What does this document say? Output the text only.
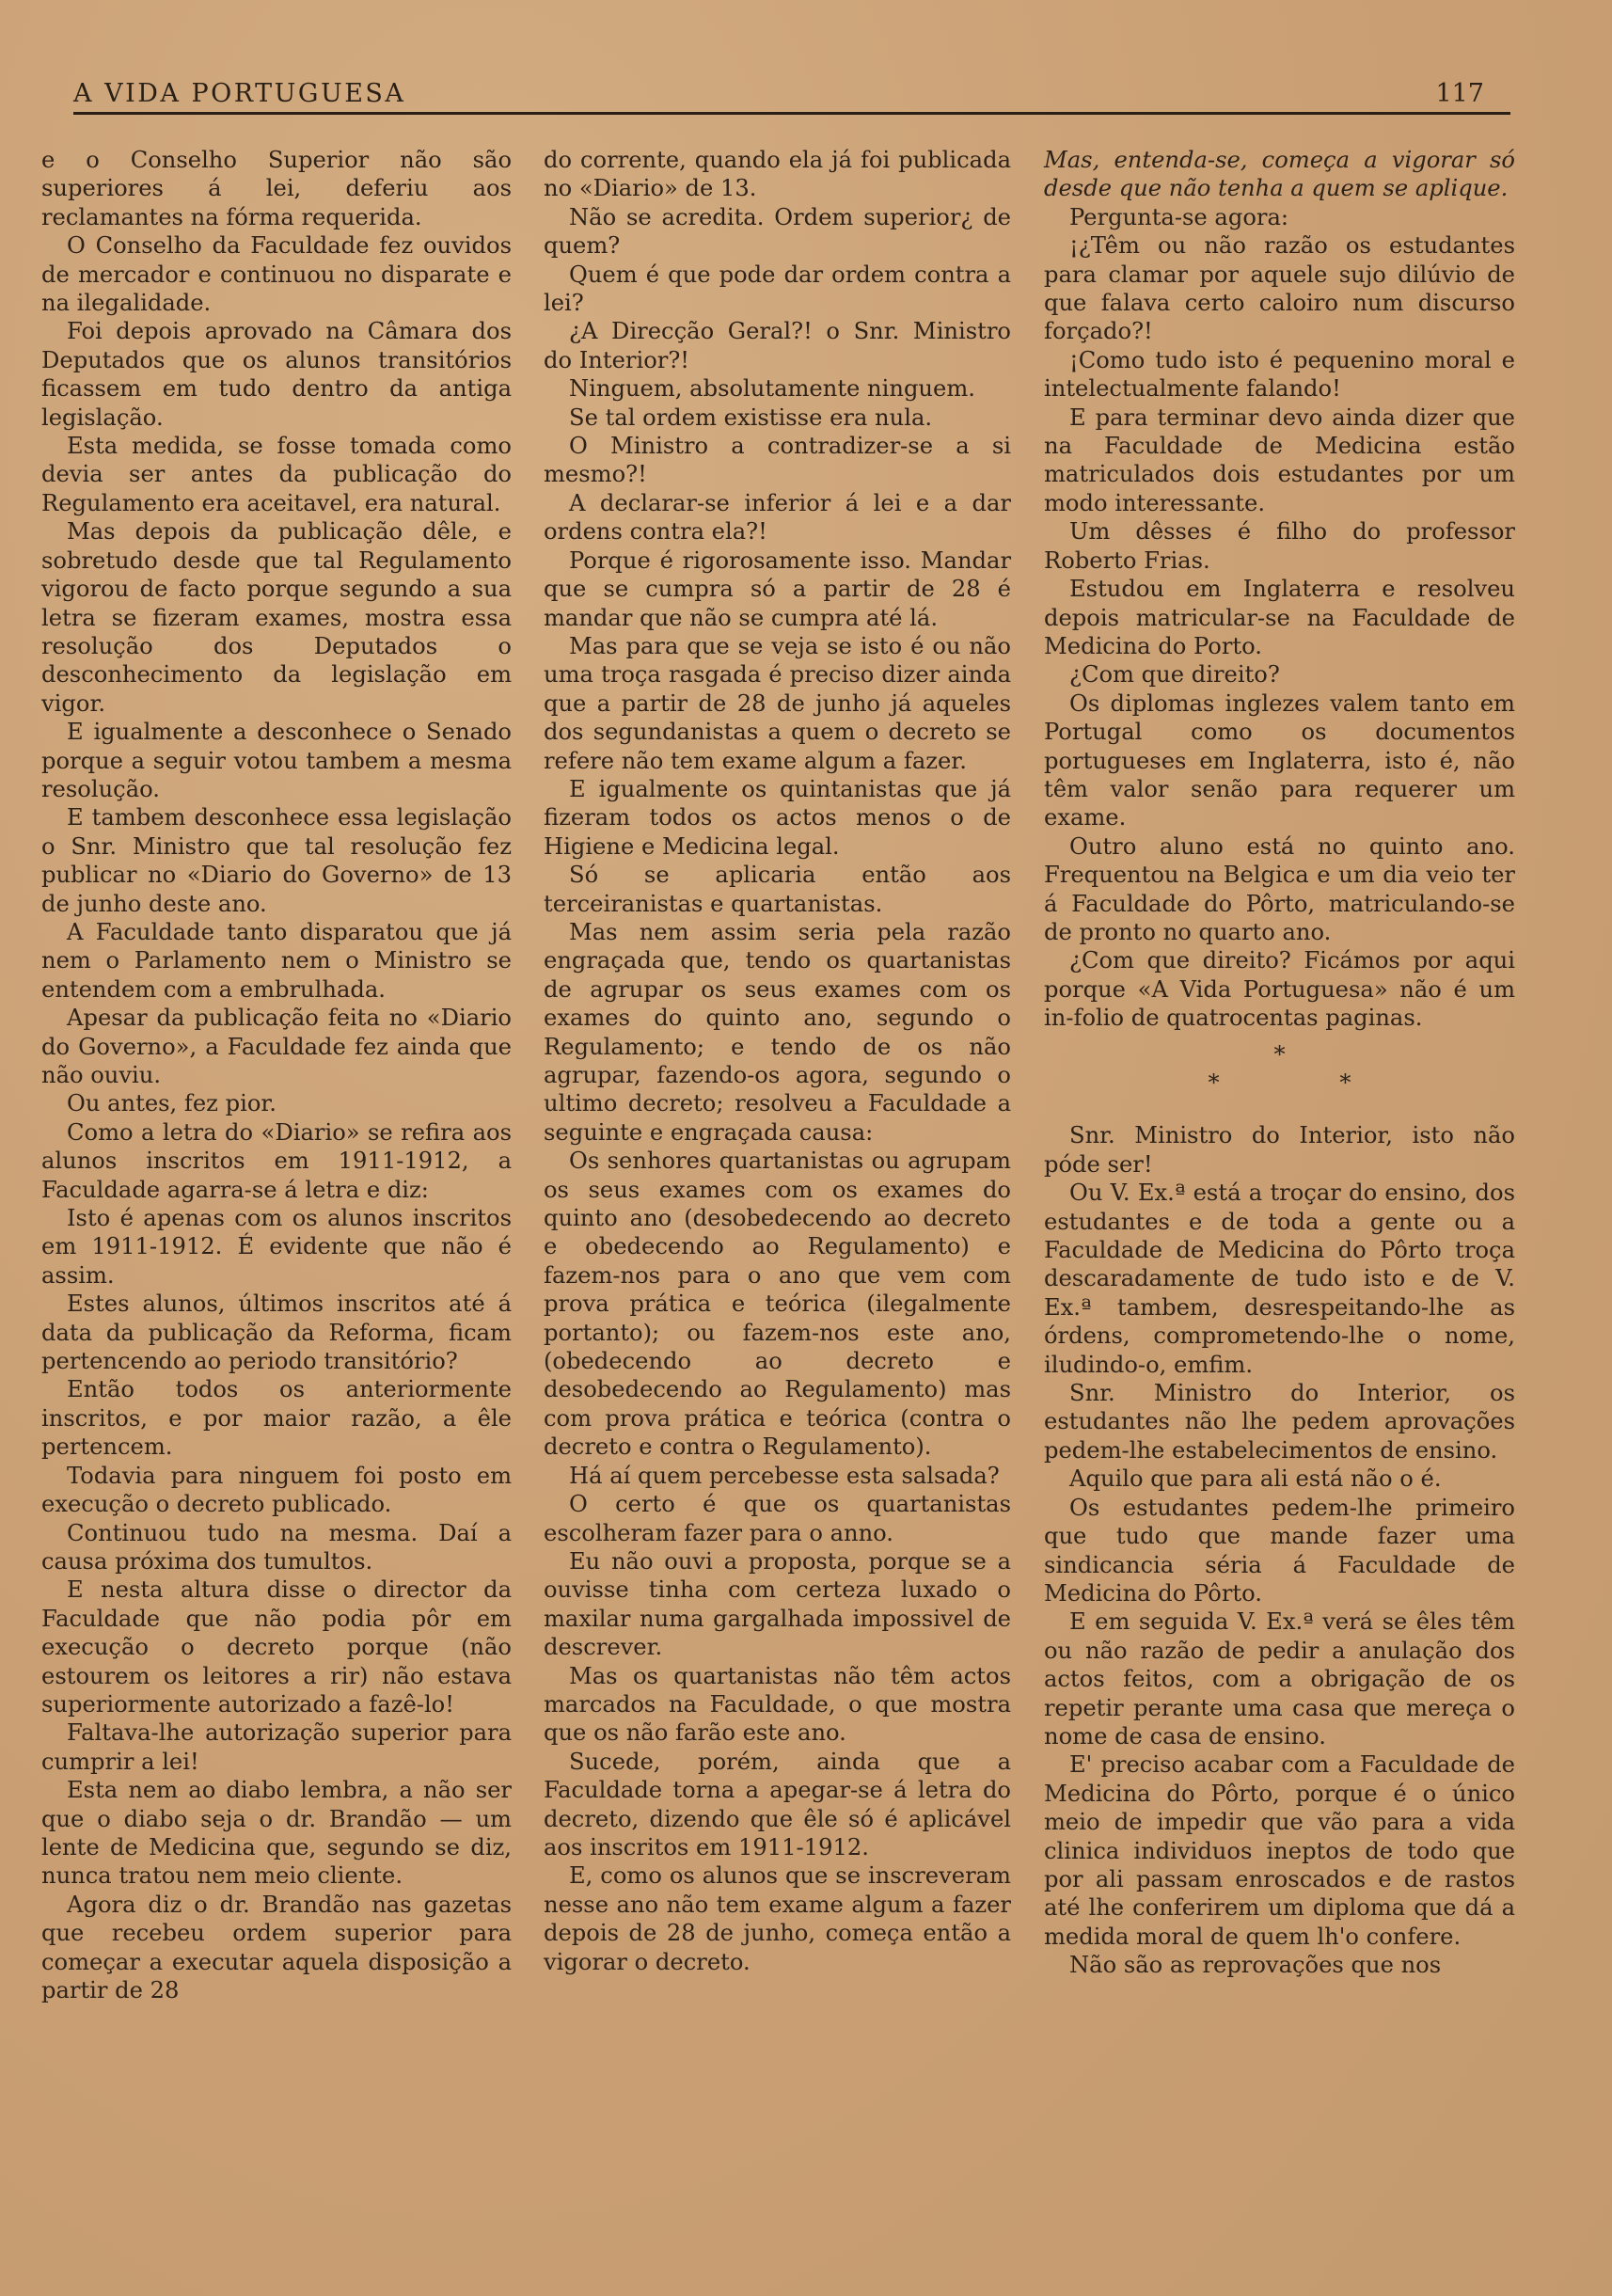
A VIDA PORTUGUESA	117

e o Conselho Superior não são superiores á lei, deferiu aos reclamantes na fórma requerida.

O Conselho da Faculdade fez ouvidos de mercador e continuou no disparate e na ilegalidade.

Foi depois aprovado na Câmara dos Deputados que os alunos transitórios ficassem em tudo dentro da antiga legislação.

Esta medida, se fosse tomada como devia ser antes da publicação do Regulamento era aceitavel, era natural.

Mas depois da publicação dêle, e sobretudo desde que tal Regulamento vigorou de facto porque segundo a sua letra se fizeram exames, mostra essa resolução dos Deputados o desconhecimento da legislação em vigor.

E igualmente a desconhece o Senado porque a seguir votou tambem a mesma resolução.

E tambem desconhece essa legislação o Snr. Ministro que tal resolução fez publicar no «Diario do Governo» de 13 de junho deste ano.

A Faculdade tanto disparatou que já nem o Parlamento nem o Ministro se entendem com a embrulhada.

Apesar da publicação feita no «Diario do Governo», a Faculdade fez ainda que não ouviu.

Ou antes, fez pior.

Como a letra do «Diario» se refira aos alunos inscritos em 1911-1912, a Faculdade agarra-se á letra e diz:

Isto é apenas com os alunos inscritos em 1911-1912. É evidente que não é assim.

Estes alunos, últimos inscritos até á data da publicação da Reforma, ficam pertencendo ao periodo transitório?

Então todos os anteriormente inscritos, e por maior razão, a êle pertencem.

Todavia para ninguem foi posto em execução o decreto publicado.

Continuou tudo na mesma. Daí a causa próxima dos tumultos.

E nesta altura disse o director da Faculdade que não podia pôr em execução o decreto porque (não estourem os leitores a rir) não estava superiormente autorizado a fazê-lo!

Faltava-lhe autorização superior para cumprir a lei!

Esta nem ao diabo lembra, a não ser que o diabo seja o dr. Brandão — um lente de Medicina que, segundo se diz, nunca tratou nem meio cliente.

Agora diz o dr. Brandão nas gazetas que recebeu ordem superior para começar a executar aquela disposição a partir de 28

do corrente, quando ela já foi publicada no «Diario» de 13.

Não se acredita. Ordem superior¿ de quem?

Quem é que pode dar ordem contra a lei?

¿A Direcção Geral?! o Snr. Ministro do Interior?!

Ninguem, absolutamente ninguem.

Se tal ordem existisse era nula.

O Ministro a contradizer-se a si mesmo?!

A declarar-se inferior á lei e a dar ordens contra ela?!

Porque é rigorosamente isso. Mandar que se cumpra só a partir de 28 é mandar que não se cumpra até lá.

Mas para que se veja se isto é ou não uma troça rasgada é preciso dizer ainda que a partir de 28 de junho já aqueles dos segundanistas a quem o decreto se refere não tem exame algum a fazer.

E igualmente os quintanistas que já fizeram todos os actos menos o de Higiene e Medicina legal.

Só se aplicaria então aos terceiranistas e quartanistas.

Mas nem assim seria pela razão engraçada que, tendo os quartanistas de agrupar os seus exames com os exames do quinto ano, segundo o Regulamento; e tendo de os não agrupar, fazendo-os agora, segundo o ultimo decreto; resolveu a Faculdade a seguinte e engraçada causa:

Os senhores quartanistas ou agrupam os seus exames com os exames do quinto ano (desobedecendo ao decreto e obedecendo ao Regulamento) e fazem-nos para o ano que vem com prova prática e teórica (ilegalmente portanto); ou fazem-nos este ano, (obedecendo ao decreto e desobedecendo ao Regulamento) mas com prova prática e teórica (contra o decreto e contra o Regulamento).

Há aí quem percebesse esta salsada?

O certo é que os quartanistas escolheram fazer para o anno.

Eu não ouvi a proposta, porque se a ouvisse tinha com certeza luxado o maxilar numa gargalhada impossivel de descrever.

Mas os quartanistas não têm actos marcados na Faculdade, o que mostra que os não farão este ano.

Sucede, porém, ainda que a Faculdade torna a apegar-se á letra do decreto, dizendo que êle só é aplicável aos inscritos em 1911-1912.

E, como os alunos que se inscreveram nesse ano não tem exame algum a fazer depois de 28 de junho, começa então a vigorar o decreto.

Mas, entenda-se, começa a vigorar só desde que não tenha a quem se aplique.

Pergunta-se agora:

¡¿Têm ou não razão os estudantes para clamar por aquele sujo dilúvio de que falava certo caloiro num discurso forçado?!

¡Como tudo isto é pequenino moral e intelectualmente falando!

E para terminar devo ainda dizer que na Faculdade de Medicina estão matriculados dois estudantes por um modo interessante.

Um dêsses é filho do professor Roberto Frias.

Estudou em Inglaterra e resolveu depois matricular-se na Faculdade de Medicina do Porto.

¿Com que direito?

Os diplomas inglezes valem tanto em Portugal como os documentos portugueses em Inglaterra, isto é, não têm valor senão para requerer um exame.

Outro aluno está no quinto ano. Frequentou na Belgica e um dia veio ter á Faculdade do Pôrto, matriculando-se de pronto no quarto ano.

¿Com que direito? Ficámos por aqui porque «A Vida Portuguesa» não é um in-folio de quatrocentas paginas.

*

* *

Snr. Ministro do Interior, isto não póde ser!

Ou V. Ex.ª está a troçar do ensino, dos estudantes e de toda a gente ou a Faculdade de Medicina do Pôrto troça descaradamente de tudo isto e de V. Ex.ª tambem, desrespeitando-lhe as órdens, comprometendo-lhe o nome, iludindo-o, emfim.

Snr. Ministro do Interior, os estudantes não lhe pedem aprovações pedem-lhe estabelecimentos de ensino.

Aquilo que para ali está não o é.

Os estudantes pedem-lhe primeiro que tudo que mande fazer uma sindicancia séria á Faculdade de Medicina do Pôrto.

E em seguida V. Ex.ª verá se êles têm ou não razão de pedir a anulação dos actos feitos, com a obrigação de os repetir perante uma casa que mereça o nome de casa de ensino.

E' preciso acabar com a Faculdade de Medicina do Pôrto, porque é o único meio de impedir que vão para a vida clinica individuos ineptos de todo que por ali passam enroscados e de rastos até lhe conferirem um diploma que dá a medida moral de quem lh'o confere.

Não são as reprovações que nos
